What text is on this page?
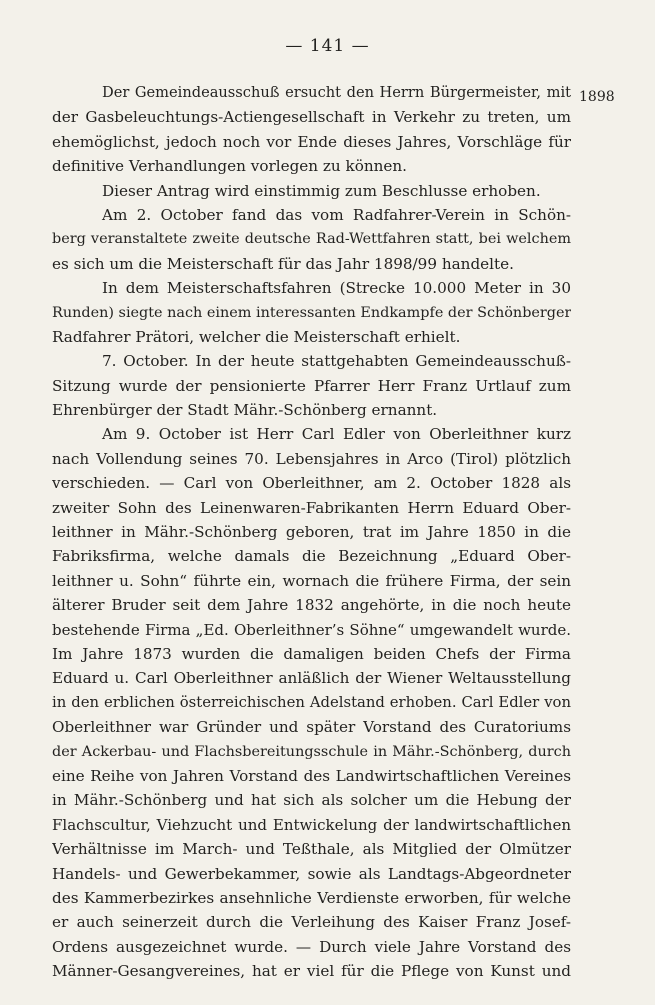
— 141 —
1898
Der Gemeindeausschuß ersucht den Herrn Bürgermeister, mit
der Gasbeleuchtungs-Actiengesellschaft in Verkehr zu treten, um
ehemöglichst, jedoch noch vor Ende dieses Jahres, Vorschläge für
definitive Verhandlungen vorlegen zu können.
Dieser Antrag wird einstimmig zum Beschlusse erhoben.
Am 2. October fand das vom Radfahrer-Verein in Schön-
berg veranstaltete zweite deutsche Rad-Wettfahren statt, bei welchem
es sich um die Meisterschaft für das Jahr 1898/99 handelte.
In dem Meisterschaftsfahren (Strecke 10.000 Meter in 30
Runden) siegte nach einem interessanten Endkampfe der Schönberger
Radfahrer Prätori, welcher die Meisterschaft erhielt.
7. October. In der heute stattgehabten Gemeindeausschuß-
Sitzung wurde der pensionierte Pfarrer Herr Franz Urtlauf zum
Ehrenbürger der Stadt Mähr.-Schönberg ernannt.
Am 9. October ist Herr Carl Edler von Oberleithner kurz
nach Vollendung seines 70. Lebensjahres in Arco (Tirol) plötzlich
verschieden. — Carl von Oberleithner, am 2. October 1828 als
zweiter Sohn des Leinenwaren-Fabrikanten Herrn Eduard Ober-
leithner in Mähr.-Schönberg geboren, trat im Jahre 1850 in die
Fabriksfirma, welche damals die Bezeichnung „Eduard Ober-
leithner u. Sohn“ führte ein, wornach die frühere Firma, der sein
älterer Bruder seit dem Jahre 1832 angehörte, in die noch heute
bestehende Firma „Ed. Oberleithner’s Söhne“ umgewandelt wurde.
Im Jahre 1873 wurden die damaligen beiden Chefs der Firma
Eduard u. Carl Oberleithner anläßlich der Wiener Weltausstellung
in den erblichen österreichischen Adelstand erhoben. Carl Edler von
Oberleithner war Gründer und später Vorstand des Curatoriums
der Ackerbau- und Flachsbereitungsschule in Mähr.-Schönberg, durch
eine Reihe von Jahren Vorstand des Landwirtschaftlichen Vereines
in Mähr.-Schönberg und hat sich als solcher um die Hebung der
Flachscultur, Viehzucht und Entwickelung der landwirtschaftlichen
Verhältnisse im March- und Teßthale, als Mitglied der Olmützer
Handels- und Gewerbekammer, sowie als Landtags-Abgeordneter
des Kammerbezirkes ansehnliche Verdienste erworben, für welche
er auch seinerzeit durch die Verleihung des Kaiser Franz Josef-
Ordens ausgezeichnet wurde. — Durch viele Jahre Vorstand des
Männer-Gesangvereines, hat er viel für die Pflege von Kunst und
